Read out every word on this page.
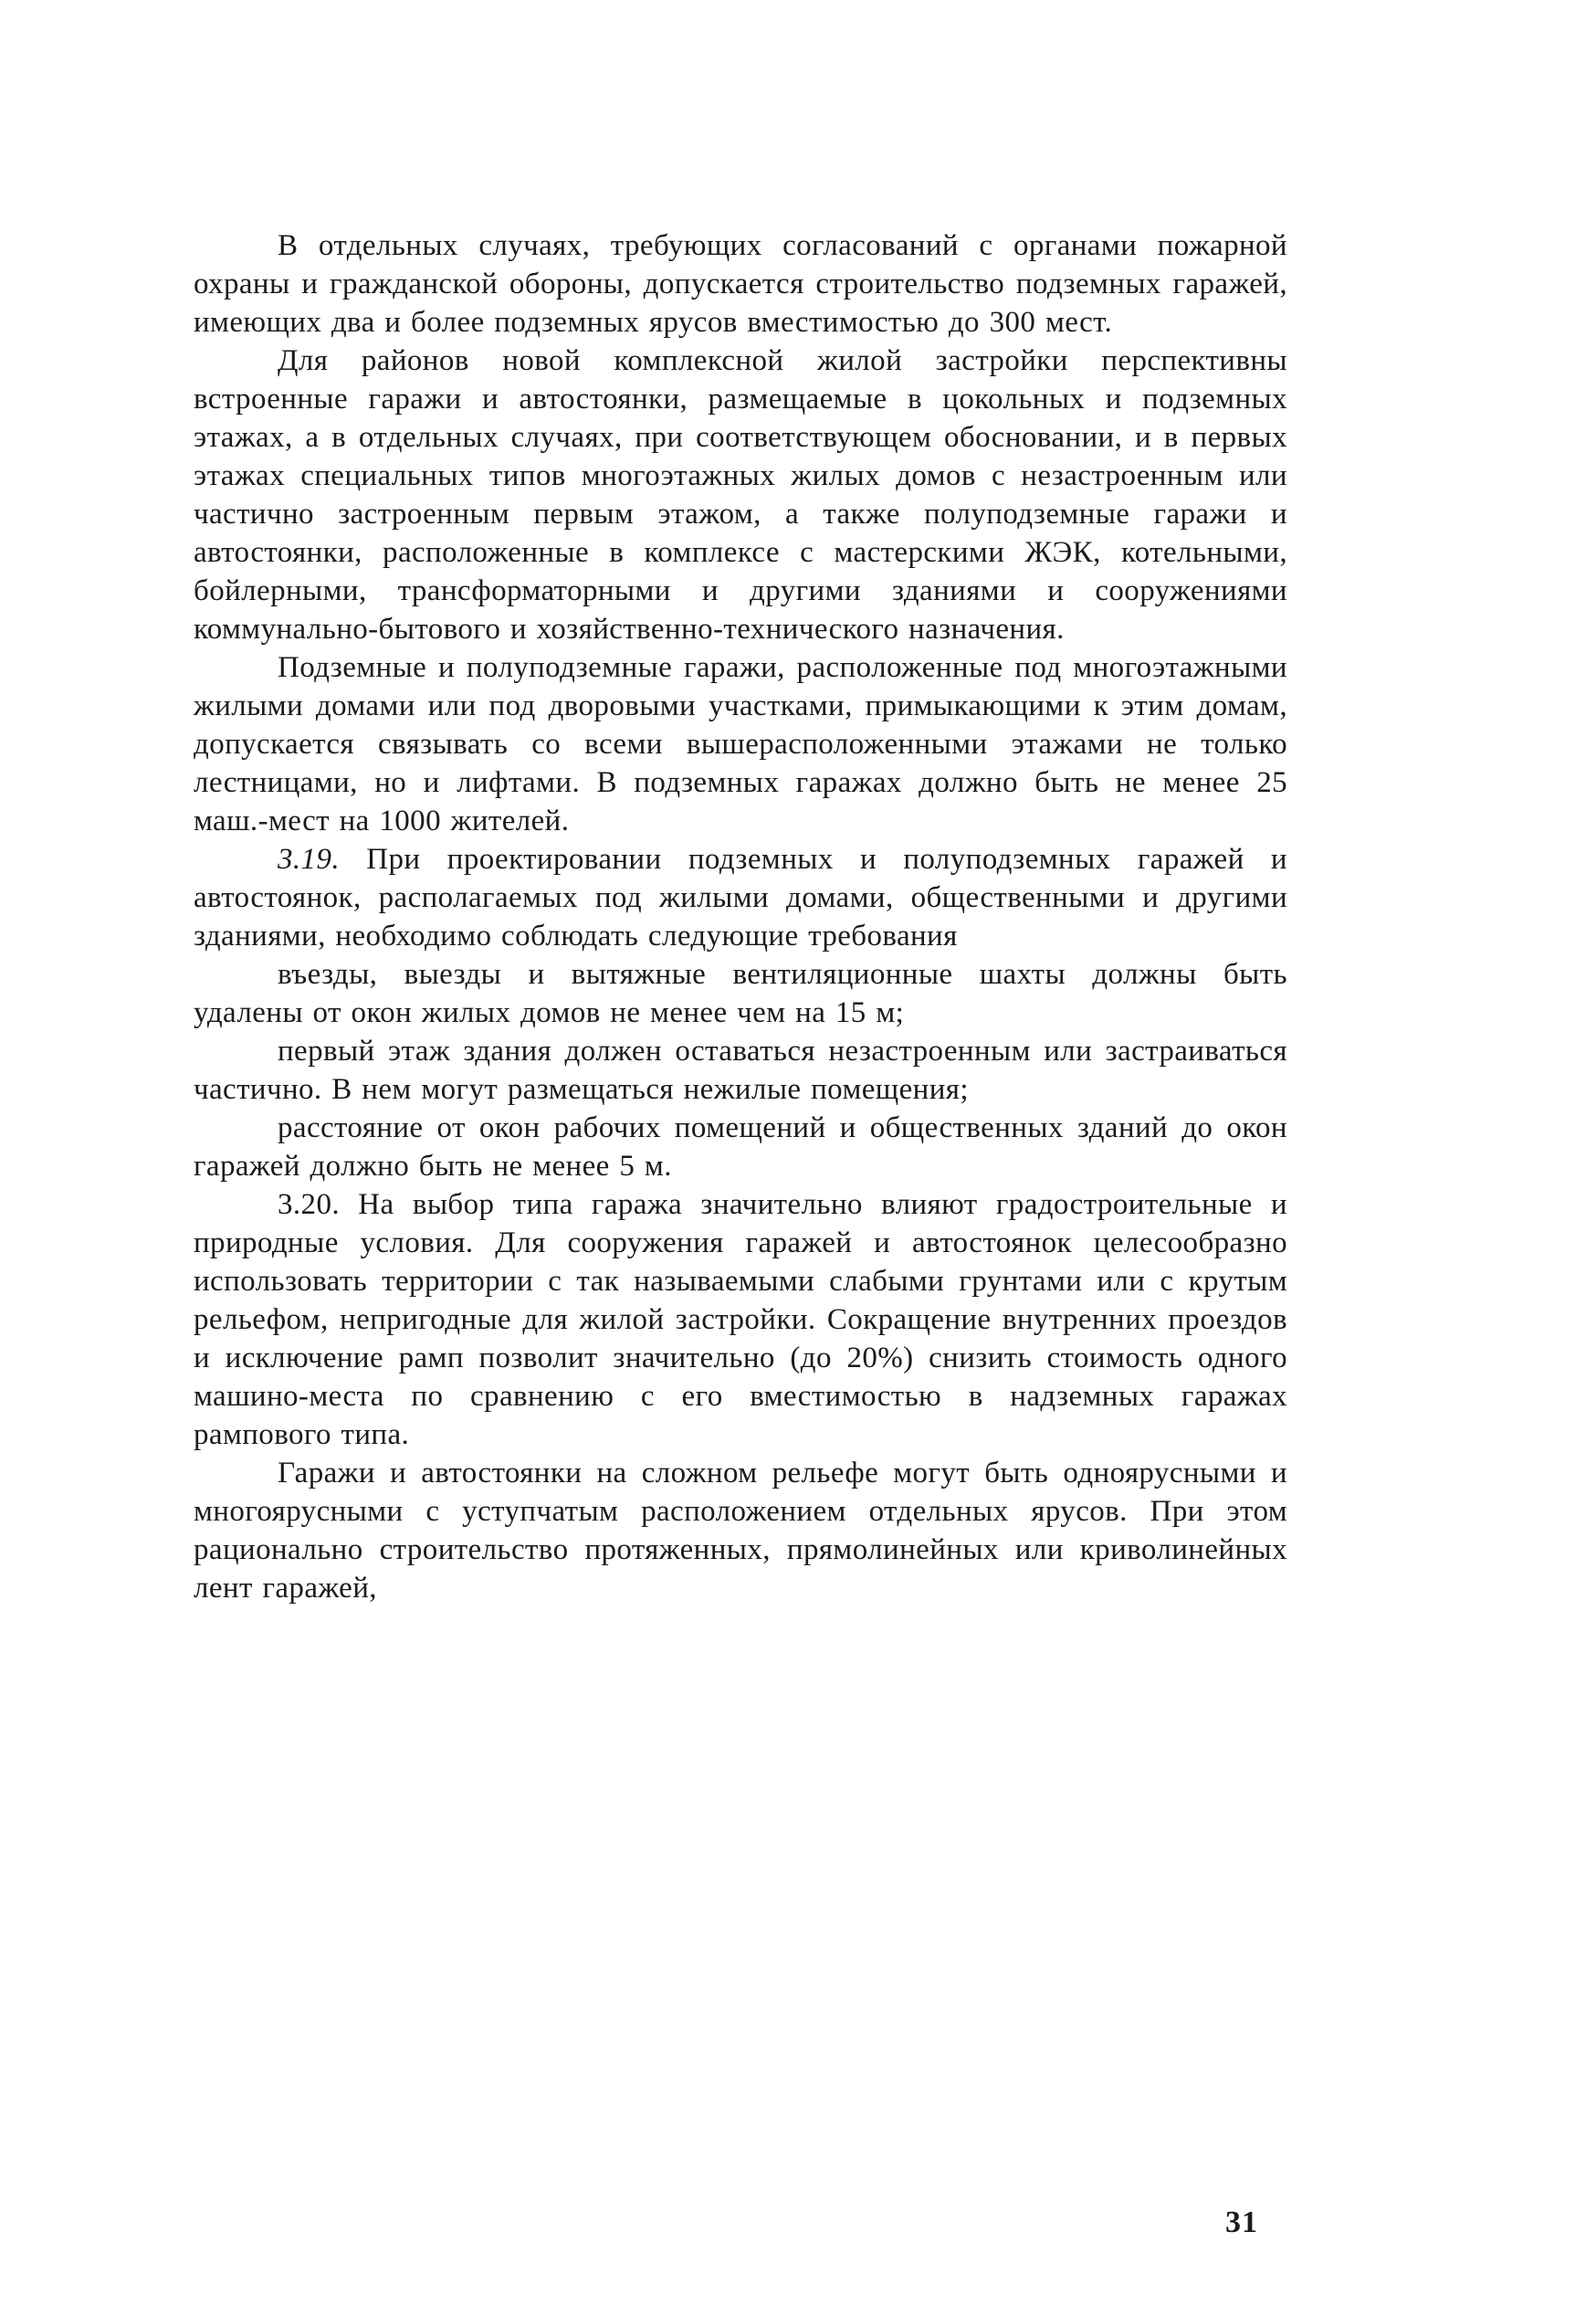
В отдельных случаях, требующих согласований с органами пожарной охраны и гражданской обороны, допускается строительство подземных гаражей, имеющих два и более подземных ярусов вместимостью до 300 мест.

Для районов новой комплексной жилой застройки перспективны встроенные гаражи и автостоянки, размещаемые в цокольных и подземных этажах, а в отдельных случаях, при соответствующем обосновании, и в первых этажах специальных типов многоэтажных жилых домов с незастроенным или частично застроенным первым этажом, а также полуподземные гаражи и автостоянки, расположенные в комплексе с мастерскими ЖЭК, котельными, бойлерными, трансформаторными и другими зданиями и сооружениями коммунально-бытового и хозяйственно-технического назначения.

Подземные и полуподземные гаражи, расположенные под многоэтажными жилыми домами или под дворовыми участками, примыкающими к этим домам, допускается связывать со всеми вышерасположенными этажами не только лестницами, но и лифтами. В подземных гаражах должно быть не менее 25 маш.-мест на 1000 жителей.

3.19. При проектировании подземных и полуподземных гаражей и автостоянок, располагаемых под жилыми домами, общественными и другими зданиями, необходимо соблюдать следующие требования

въезды, выезды и вытяжные вентиляционные шахты должны быть удалены от окон жилых домов не менее чем на 15 м;

первый этаж здания должен оставаться незастроенным или застраиваться частично. В нем могут размещаться нежилые помещения;

расстояние от окон рабочих помещений и общественных зданий до окон гаражей должно быть не менее 5 м.

3.20. На выбор типа гаража значительно влияют градостроительные и природные условия. Для сооружения гаражей и автостоянок целесообразно использовать территории с так называемыми слабыми грунтами или с крутым рельефом, непригодные для жилой застройки. Сокращение внутренних проездов и исключение рамп позволит значительно (до 20%) снизить стоимость одного машино-места по сравнению с его вместимостью в надземных гаражах рампового типа.

Гаражи и автостоянки на сложном рельефе могут быть одноярусными и многоярусными с уступчатым расположением отдельных ярусов. При этом рационально строительство протяженных, прямолинейных или криволинейных лент гаражей,

31
